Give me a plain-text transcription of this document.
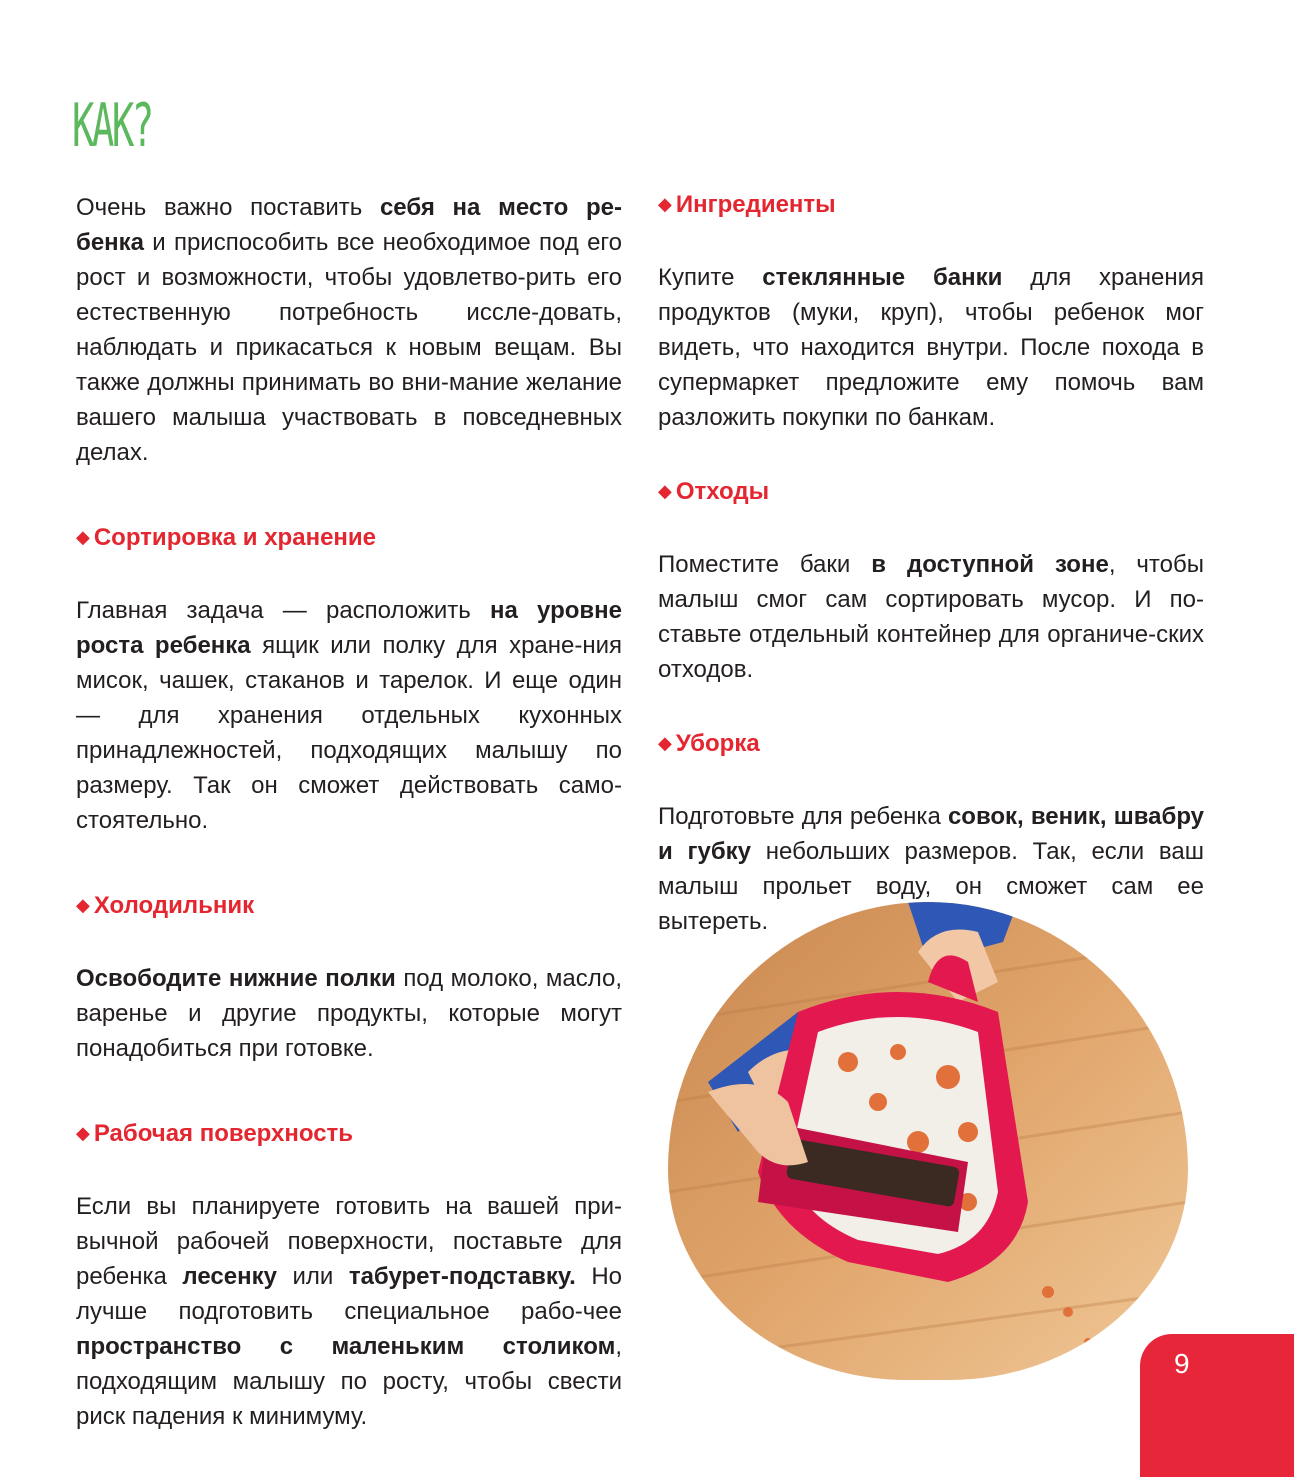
КАК?

Очень важно поставить себя на место ре-бенка и приспособить все необходимое под его рост и возможности, чтобы удовлетво-рить его естественную потребность иссле-довать, наблюдать и прикасаться к новым вещам. Вы также должны принимать во вни-мание желание вашего малыша участвовать в повседневных делах.

◆ Сортировка и хранение

Главная задача — расположить на уровне роста ребенка ящик или полку для хране-ния мисок, чашек, стаканов и тарелок. И еще один — для хранения отдельных кухонных принадлежностей, подходящих малышу по размеру. Так он сможет действовать само-стоятельно.

◆ Холодильник

Освободите нижние полки под молоко, масло, варенье и другие продукты, которые могут понадобиться при готовке.

◆ Рабочая поверхность

Если вы планируете готовить на вашей при-вычной рабочей поверхности, поставьте для ребенка лесенку или табурет-подставку. Но лучше подготовить специальное рабо-чее пространство с маленьким столиком, подходящим малышу по росту, чтобы свести риск падения к минимуму.

◆ Ингредиенты

Купите стеклянные банки для хранения продуктов (муки, круп), чтобы ребенок мог видеть, что находится внутри. После похода в супермаркет предложите ему помочь вам разложить покупки по банкам.

◆ Отходы

Поместите баки в доступной зоне, чтобы малыш смог сам сортировать мусор. И по-ставьте отдельный контейнер для органиче-ских отходов.

◆ Уборка

Подготовьте для ребенка совок, веник, швабру и губку небольших размеров. Так, если ваш малыш прольет воду, он сможет сам ее вытереть.

9
